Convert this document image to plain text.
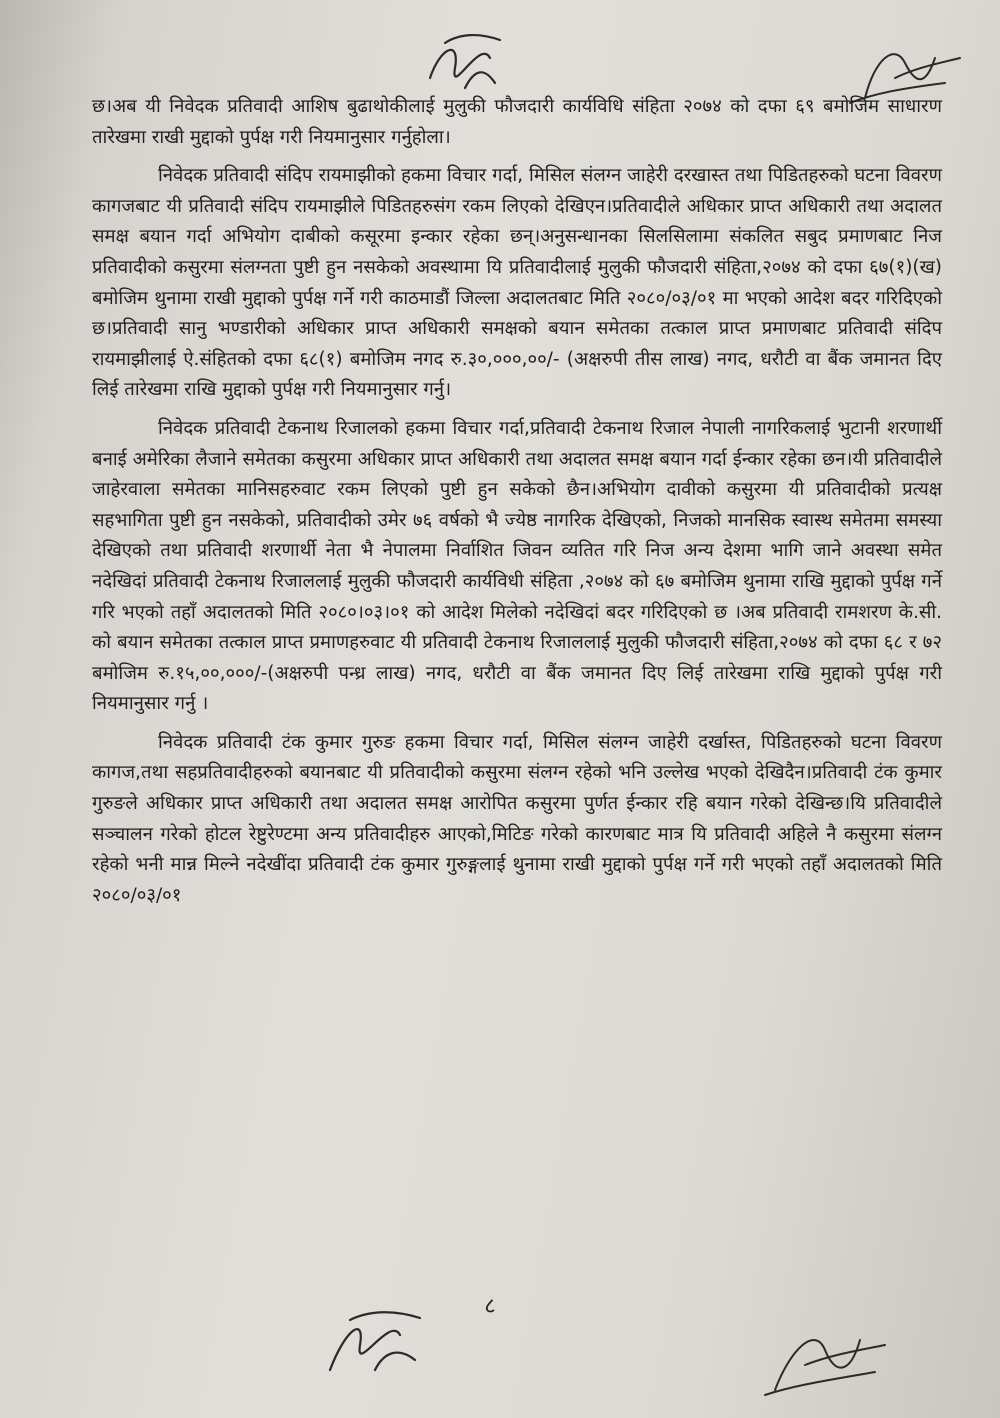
छ।अब यी निवेदक प्रतिवादी आशिष बुढाथोकीलाई मुलुकी फौजदारी कार्यविधि संहिता २०७४ को दफा ६९ बमोजिम साधारण तारेखमा राखी मुद्दाको पुर्पक्ष गरी नियमानुसार गर्नुहोला।

निवेदक प्रतिवादी संदिप रायमाझीको हकमा विचार गर्दा, मिसिल संलग्न जाहेरी दरखास्त तथा पिडितहरुको घटना विवरण कागजबाट यी प्रतिवादी संदिप रायमाझीले पिडितहरुसंग रकम लिएको देखिएन।प्रतिवादीले अधिकार प्राप्त अधिकारी तथा अदालत समक्ष बयान गर्दा अभियोग दाबीको कसूरमा इन्कार रहेका छन्।अनुसन्धानका सिलसिलामा संकलित सबुद प्रमाणबाट निज प्रतिवादीको कसुरमा संलग्नता पुष्टी हुन नसकेको अवस्थामा यि प्रतिवादीलाई मुलुकी फौजदारी संहिता,२०७४ को दफा ६७(१)(ख) बमोजिम थुनामा राखी मुद्दाको पुर्पक्ष गर्ने गरी काठमाडौं जिल्ला अदालतबाट मिति २०८०/०३/०१ मा भएको आदेश बदर गरिदिएको छ।प्रतिवादी सानु भण्डारीको अधिकार प्राप्त अधिकारी समक्षको बयान समेतका तत्काल प्राप्त प्रमाणबाट प्रतिवादी संदिप रायमाझीलाई ऐ.संहितको दफा ६८(१) बमोजिम नगद रु.३०,०००,००/- (अक्षरुपी तीस लाख) नगद, धरौटी वा बैंक जमानत दिए लिई तारेखमा राखि मुद्दाको पुर्पक्ष गरी नियमानुसार गर्नु।

निवेदक प्रतिवादी टेकनाथ रिजालको हकमा विचार गर्दा,प्रतिवादी टेकनाथ रिजाल नेपाली नागरिकलाई भुटानी शरणार्थी बनाई अमेरिका लैजाने समेतका कसुरमा अधिकार प्राप्त अधिकारी तथा अदालत समक्ष बयान गर्दा ईन्कार रहेका छन।यी प्रतिवादीले जाहेरवाला समेतका मानिसहरुवाट रकम लिएको पुष्टी हुन सकेको छैन।अभियोग दावीको कसुरमा यी प्रतिवादीको प्रत्यक्ष सहभागिता पुष्टी हुन नसकेको, प्रतिवादीको उमेर ७६ वर्षको भै ज्येष्ठ नागरिक देखिएको, निजको मानसिक स्वास्थ समेतमा समस्या देखिएको तथा प्रतिवादी शरणार्थी नेता भै नेपालमा निर्वाशित जिवन व्यतित गरि निज अन्य देशमा भागि जाने अवस्था समेत नदेखिदां प्रतिवादी टेकनाथ रिजाललाई मुलुकी फौजदारी कार्यविधी संहिता ,२०७४ को ६७ बमोजिम थुनामा राखि मुद्दाको पुर्पक्ष गर्ने गरि भएको तहाँ अदालतको मिति २०८०।०३।०१ को आदेश मिलेको नदेखिदां बदर गरिदिएको छ ।अब प्रतिवादी रामशरण के.सी. को बयान समेतका तत्काल प्राप्त प्रमाणहरुवाट यी प्रतिवादी टेकनाथ रिजाललाई मुलुकी फौजदारी संहिता,२०७४ को दफा ६८ र ७२ बमोजिम रु.१५,००,०००/-(अक्षरुपी पन्ध्र लाख) नगद, धरौटी वा बैंक जमानत दिए लिई तारेखमा राखि मुद्दाको पुर्पक्ष गरी नियमानुसार गर्नु ।

निवेदक प्रतिवादी टंक कुमार गुरुङ हकमा विचार गर्दा, मिसिल संलग्न जाहेरी दर्खास्त, पिडितहरुको घटना विवरण कागज,तथा सहप्रतिवादीहरुको बयानबाट यी प्रतिवादीको कसुरमा संलग्न रहेको भनि उल्लेख भएको देखिदैन।प्रतिवादी टंक कुमार गुरुङले अधिकार प्राप्त अधिकारी तथा अदालत समक्ष आरोपित कसुरमा पुर्णत ईन्कार रहि बयान गरेको देखिन्छ।यि प्रतिवादीले सञ्चालन गरेको होटल रेष्टुरेण्टमा अन्य प्रतिवादीहरु आएको,मिटिङ गरेको कारणबाट मात्र यि प्रतिवादी अहिले नै कसुरमा संलग्न रहेको भनी मान्न मिल्ने नदेखींदा प्रतिवादी टंक कुमार गुरुङ्गलाई थुनामा राखी मुद्दाको पुर्पक्ष गर्ने गरी भएको तहाँ अदालतको मिति २०८०/०३/०१

८
